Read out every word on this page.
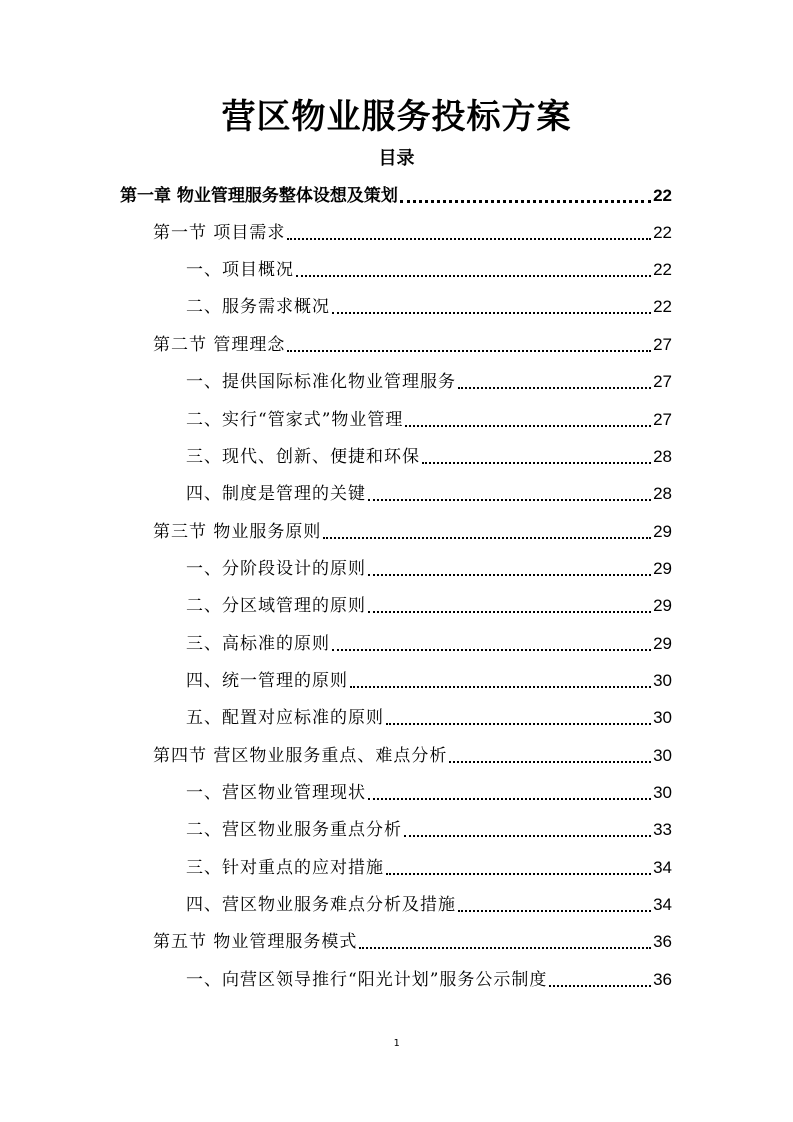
营区物业服务投标方案
目录
第一章 物业管理服务整体设想及策划	22
第一节 项目需求	22
一、项目概况	22
二、服务需求概况	22
第二节 管理理念	27
一、提供国际标准化物业管理服务	27
二、实行“管家式”物业管理	27
三、现代、创新、便捷和环保	28
四、制度是管理的关键	28
第三节 物业服务原则	29
一、分阶段设计的原则	29
二、分区域管理的原则	29
三、高标准的原则	29
四、统一管理的原则	30
五、配置对应标准的原则	30
第四节 营区物业服务重点、难点分析	30
一、营区物业管理现状	30
二、营区物业服务重点分析	33
三、针对重点的应对措施	34
四、营区物业服务难点分析及措施	34
第五节 物业管理服务模式	36
一、向营区领导推行“阳光计划”服务公示制度	36
1
